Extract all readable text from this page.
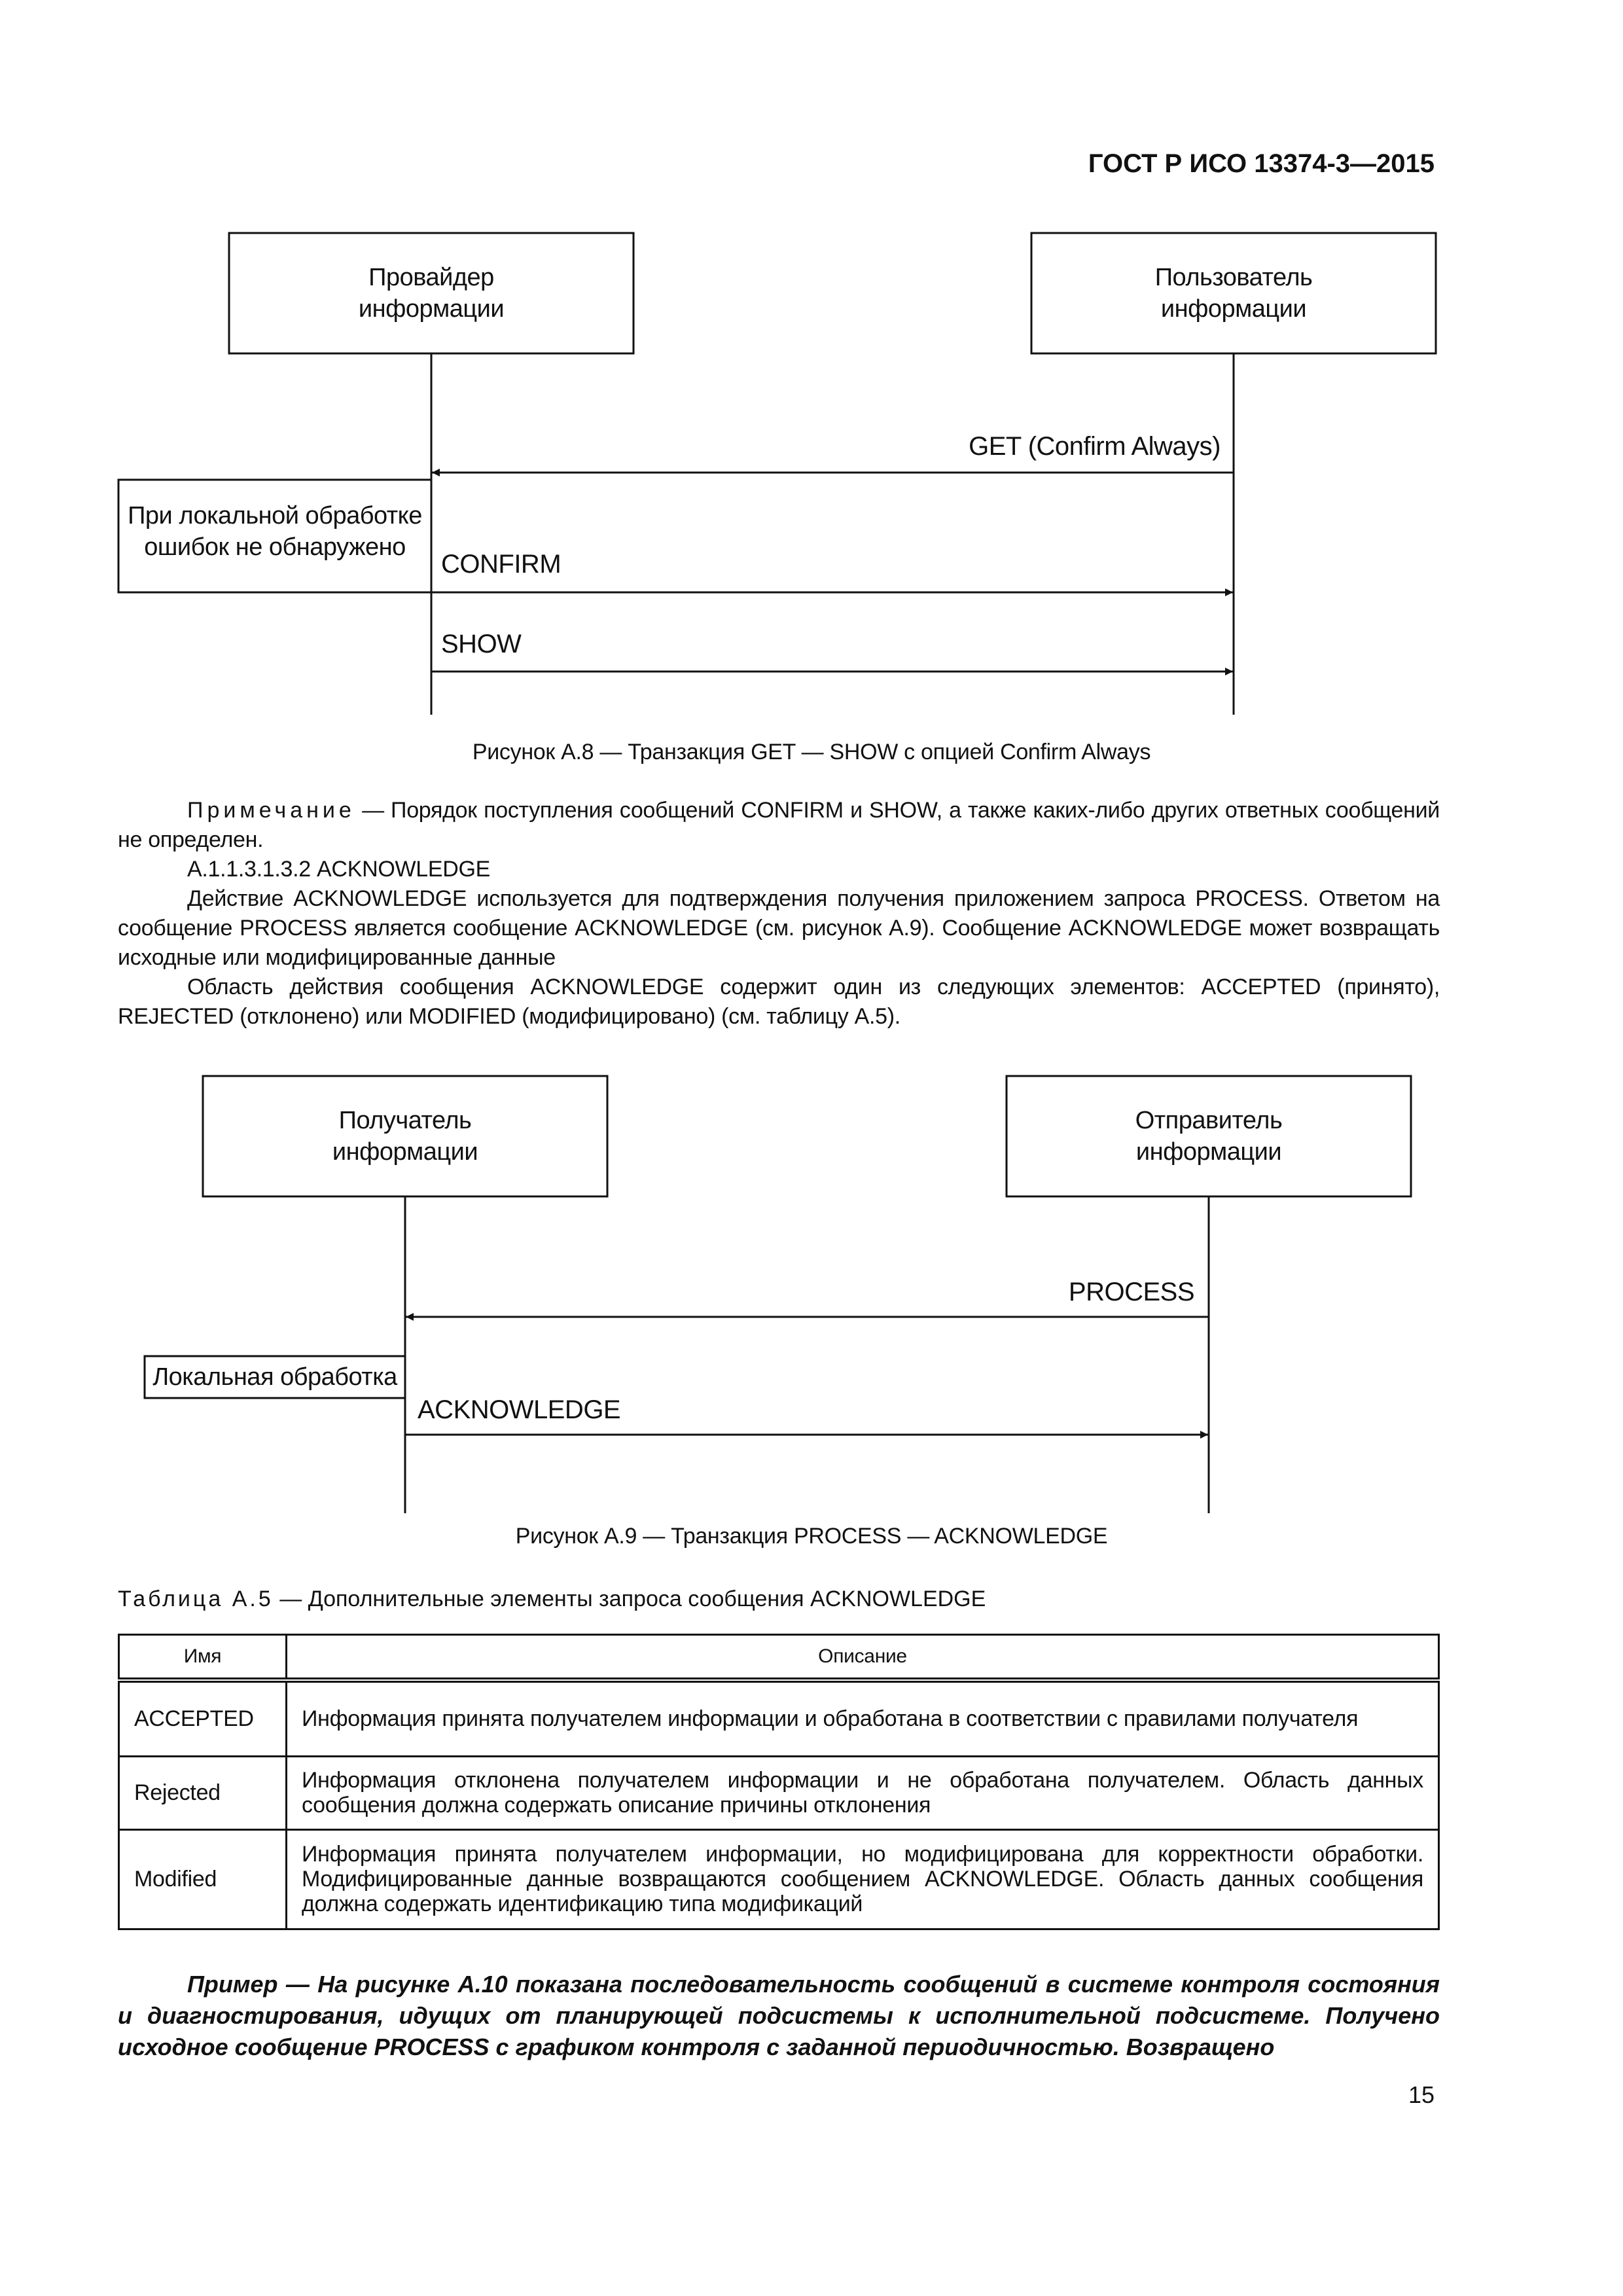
ГОСТ Р ИСО 13374-3—2015
Провайдер информации
Пользователь информации
При локальной обработке ошибок не обнаружено
GET (Confirm Always)
CONFIRM
SHOW
Рисунок А.8 — Транзакция GET — SHOW с опцией Confirm Always

Примечание — Порядок поступления сообщений CONFIRM и SHOW, а также каких-либо других ответных сообщений не определен.

А.1.1.3.1.3.2 ACKNOWLEDGE

Действие ACKNOWLEDGE используется для подтверждения получения приложением запроса PROCESS. Ответом на сообщение PROCESS является сообщение ACKNOWLEDGE (см. рисунок А.9). Сообщение ACKNOWLEDGE может возвращать исходные или модифицированные данные

Область действия сообщения ACKNOWLEDGE содержит один из следующих элементов: ACCEPTED (принято), REJECTED (отклонено) или MODIFIED (модифицировано) (см. таблицу А.5).

Получатель информации
Отправитель информации
Локальная обработка
PROCESS
ACKNOWLEDGE
Рисунок А.9 — Транзакция PROCESS — ACKNOWLEDGE
Таблица А.5 — Дополнительные элементы запроса сообщения ACKNOWLEDGE
Имя	Описание
ACCEPTED	Информация принята получателем информации и обработана в соответствии с правилами получателя
Rejected	Информация отклонена получателем информации и не обработана получателем. Область данных сообщения должна содержать описание причины отклонения
Modified	Информация принята получателем информации, но модифицирована для корректности обработки. Модифицированные данные возвращаются сообщением ACKNOWLEDGE. Область данных сообщения должна содержать идентификацию типа модификаций
Пример — На рисунке А.10 показана последовательность сообщений в системе контроля состояния и диагностирования, идущих от планирующей подсистемы к исполнительной подсистеме. Получено исходное сообщение PROCESS с графиком контроля с заданной периодичностью. Возвращено
15
